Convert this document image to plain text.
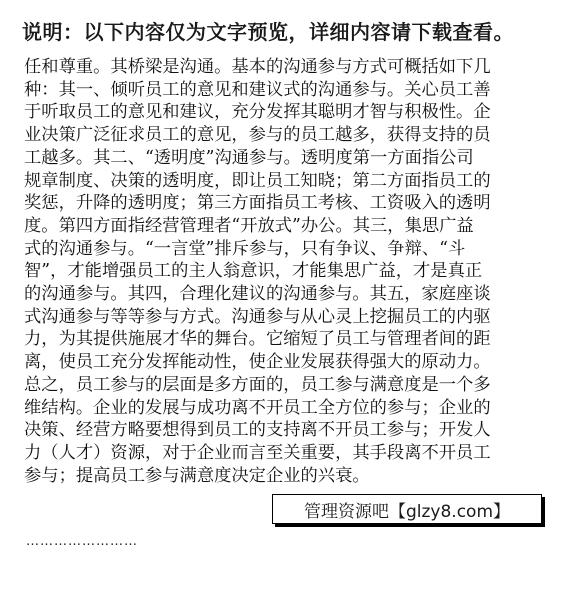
说明：以下内容仅为文字预览，详细内容请下载查看。
任和尊重。其桥梁是沟通。基本的沟通参与方式可概括如下几
种：其一、倾听员工的意见和建议式的沟通参与。关心员工善
于听取员工的意见和建议，充分发挥其聪明才智与积极性。企
业决策广泛征求员工的意见，参与的员工越多，获得支持的员
工越多。其二、“透明度”沟通参与。透明度第一方面指公司
规章制度、决策的透明度，即让员工知晓；第二方面指员工的
奖惩，升降的透明度；第三方面指员工考核、工资吸入的透明
度。第四方面指经营管理者“开放式”办公。其三，集思广益
式的沟通参与。“一言堂”排斥参与，只有争议、争辩、“斗
智”，才能增强员工的主人翁意识，才能集思广益，才是真正
的沟通参与。其四，合理化建议的沟通参与。其五，家庭座谈
式沟通参与等等参与方式。沟通参与从心灵上挖掘员工的内驱
力，为其提供施展才华的舞台。它缩短了员工与管理者间的距
离，使员工充分发挥能动性，使企业发展获得强大的原动力。
总之，员工参与的层面是多方面的，员工参与满意度是一个多
维结构。企业的发展与成功离不开员工全方位的参与；企业的
决策、经营方略要想得到员工的支持离不开员工参与；开发人
力（人才）资源，对于企业而言至关重要，其手段离不开员工
参与；提高员工参与满意度决定企业的兴衰。
……………………
管理资源吧【glzy8.com】
